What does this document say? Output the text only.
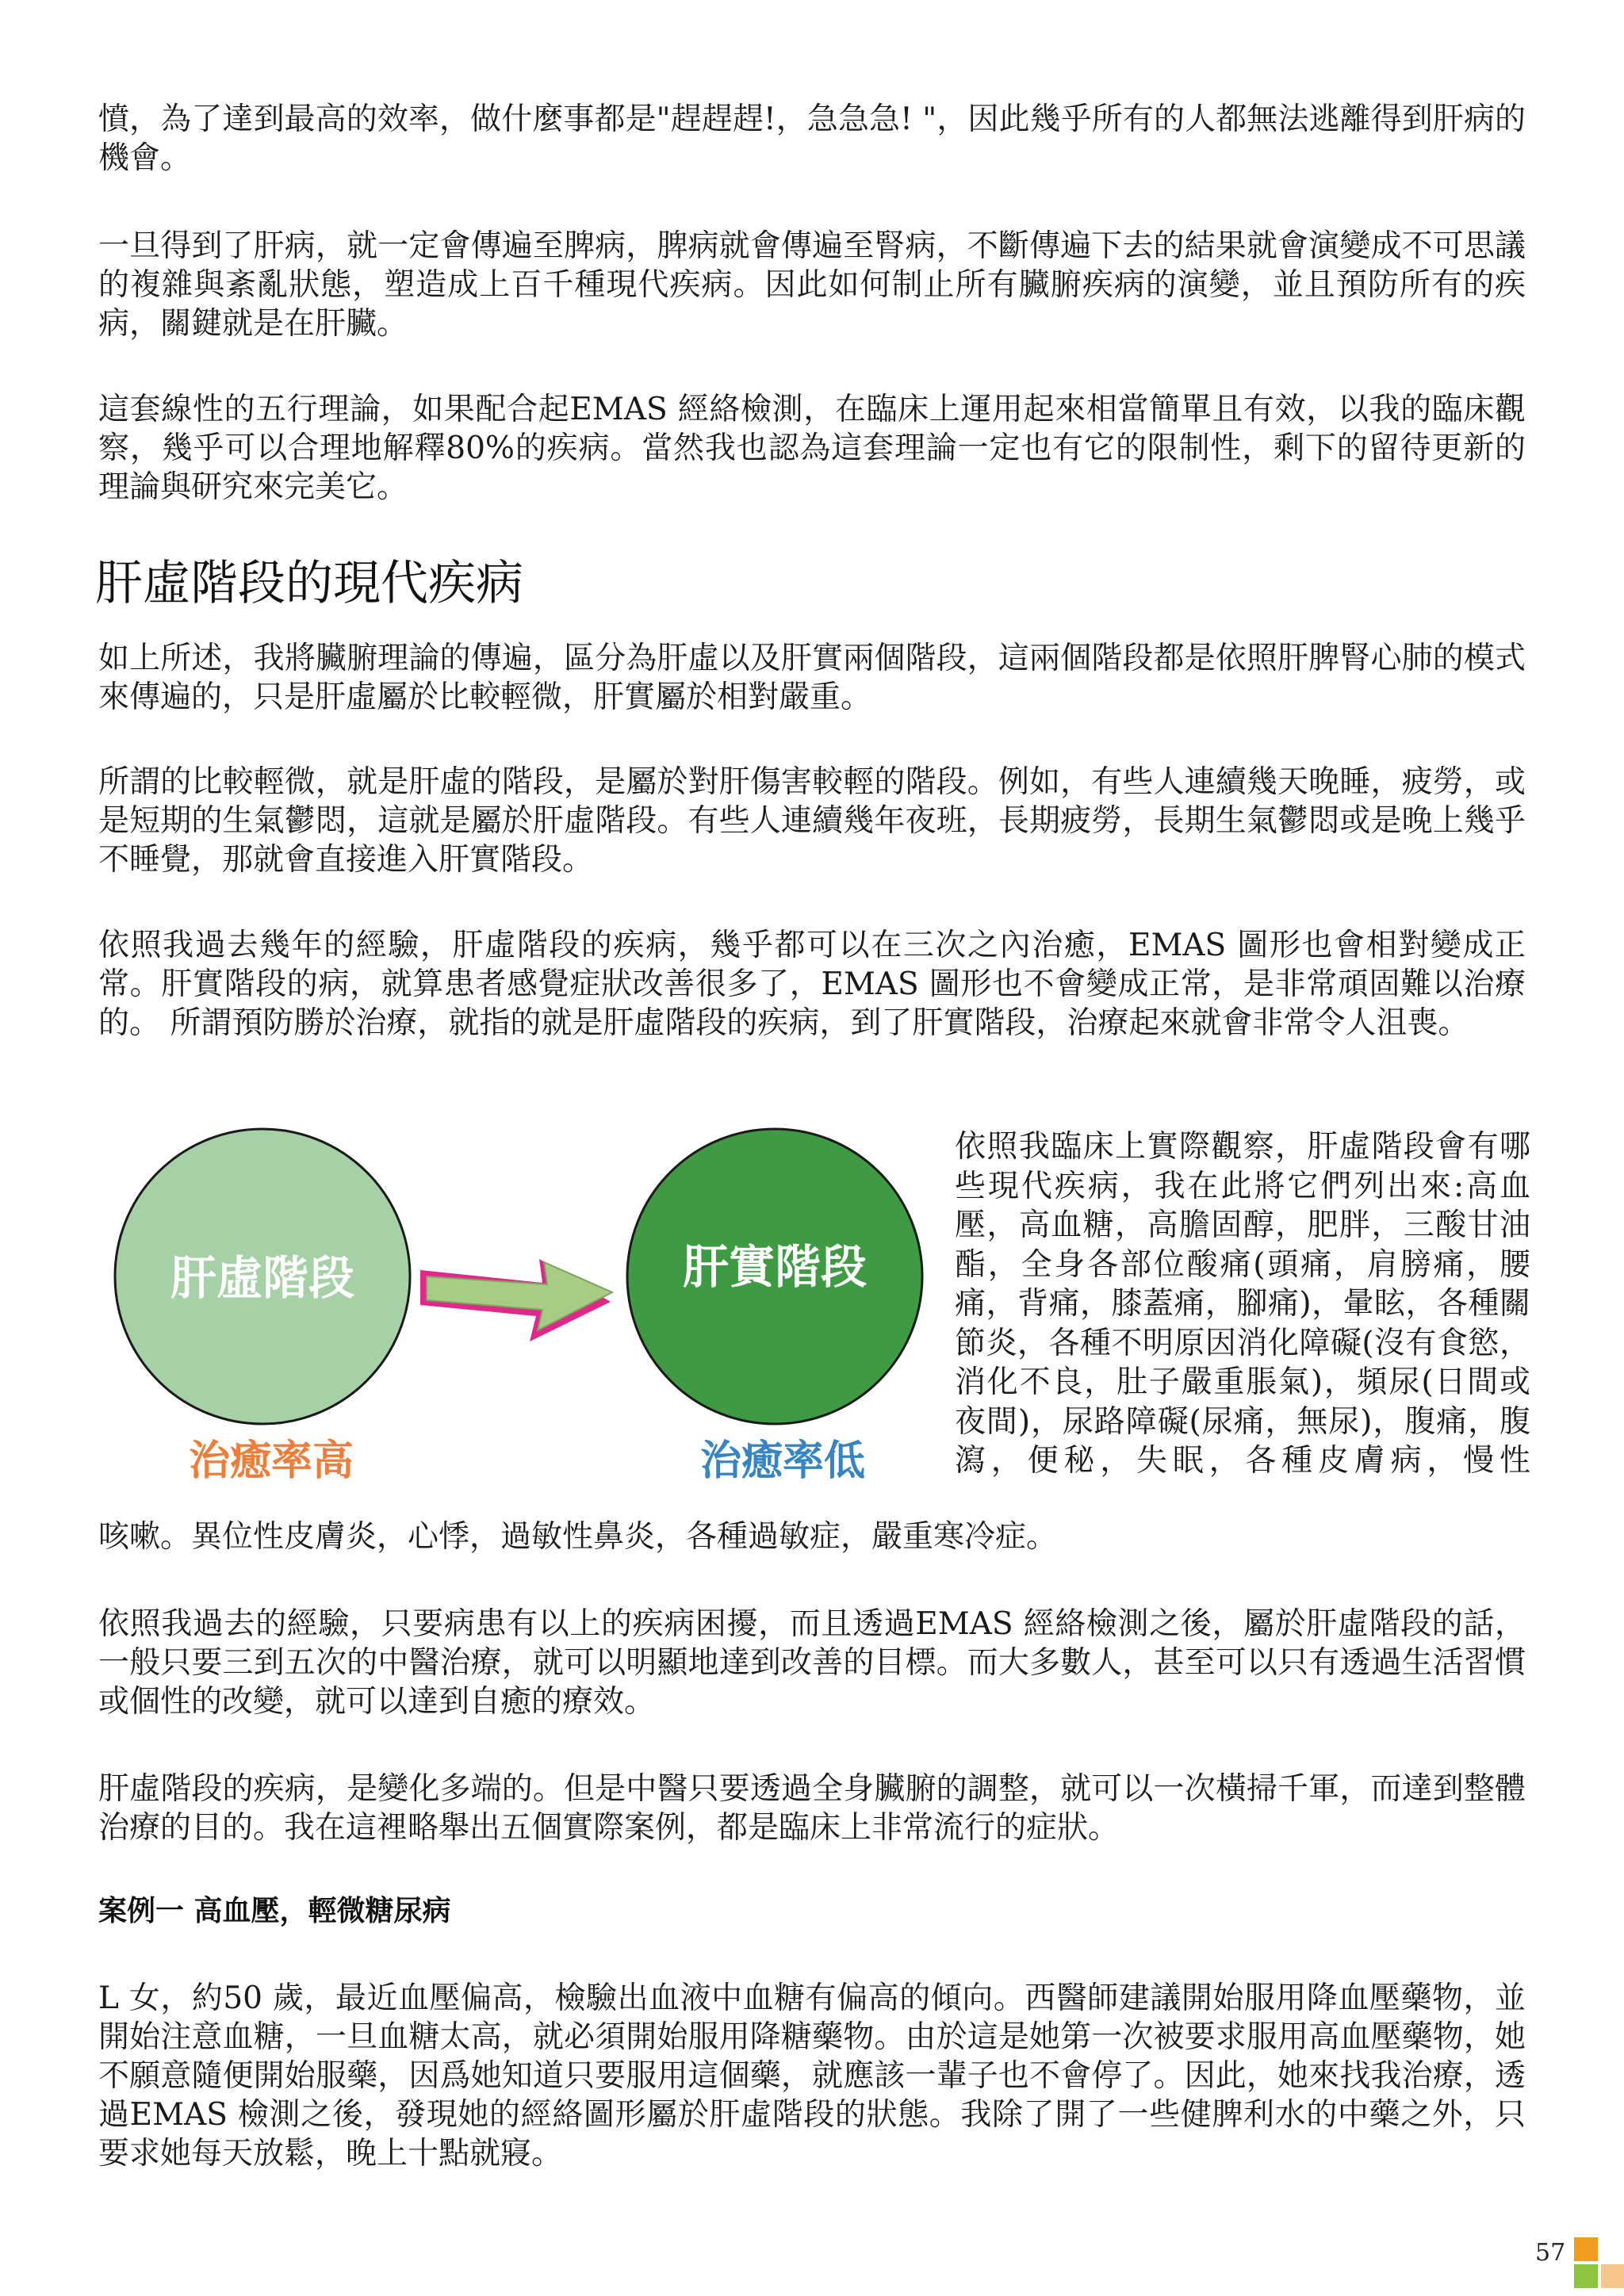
憤，為了達到最高的效率，做什麼事都是"趕趕趕!，急急急! "，因此幾乎所有的人都無法逃離得到肝病的機會。

一旦得到了肝病，就一定會傳遍至脾病，脾病就會傳遍至腎病，不斷傳遍下去的結果就會演變成不可思議的複雜與紊亂狀態，塑造成上百千種現代疾病。因此如何制止所有臟腑疾病的演變，並且預防所有的疾病，關鍵就是在肝臟。

這套線性的五行理論，如果配合起EMAS 經絡檢測，在臨床上運用起來相當簡單且有效，以我的臨床觀察，幾乎可以合理地解釋80%的疾病。當然我也認為這套理論一定也有它的限制性，剩下的留待更新的理論與研究來完美它。

肝虛階段的現代疾病

如上所述，我將臟腑理論的傳遍，區分為肝虛以及肝實兩個階段，這兩個階段都是依照肝脾腎心肺的模式來傳遍的，只是肝虛屬於比較輕微，肝實屬於相對嚴重。

所謂的比較輕微，就是肝虛的階段，是屬於對肝傷害較輕的階段。例如，有些人連續幾天晚睡，疲勞，或是短期的生氣鬱悶，這就是屬於肝虛階段。有些人連續幾年夜班，長期疲勞，長期生氣鬱悶或是晚上幾乎不睡覺，那就會直接進入肝實階段。

依照我過去幾年的經驗，肝虛階段的疾病，幾乎都可以在三次之內治癒，EMAS 圖形也會相對變成正常。肝實階段的病，就算患者感覺症狀改善很多了，EMAS 圖形也不會變成正常，是非常頑固難以治療的。 所謂預防勝於治療，就指的就是肝虛階段的疾病，到了肝實階段，治療起來就會非常令人沮喪。

肝虛階段	肝實階段
治癒率高	治癒率低

依照我臨床上實際觀察，肝虛階段會有哪些現代疾病，我在此將它們列出來:高血壓，高血糖，高膽固醇，肥胖，三酸甘油酯，全身各部位酸痛(頭痛，肩膀痛，腰痛，背痛，膝蓋痛，腳痛)，暈眩，各種關節炎，各種不明原因消化障礙(沒有食慾，消化不良，肚子嚴重脹氣)，頻尿(日間或夜間)，尿路障礙(尿痛，無尿)，腹痛，腹瀉，便秘，失眠，各種皮膚病，慢性

咳嗽。異位性皮膚炎，心悸，過敏性鼻炎，各種過敏症，嚴重寒冷症。

依照我過去的經驗，只要病患有以上的疾病困擾，而且透過EMAS 經絡檢測之後，屬於肝虛階段的話，一般只要三到五次的中醫治療，就可以明顯地達到改善的目標。而大多數人，甚至可以只有透過生活習慣或個性的改變，就可以達到自癒的療效。

肝虛階段的疾病，是變化多端的。但是中醫只要透過全身臟腑的調整，就可以一次橫掃千軍，而達到整體治療的目的。我在這裡略舉出五個實際案例，都是臨床上非常流行的症狀。

案例一 高血壓，輕微糖尿病

L 女，約50 歲，最近血壓偏高，檢驗出血液中血糖有偏高的傾向。西醫師建議開始服用降血壓藥物，並開始注意血糖，一旦血糖太高，就必須開始服用降糖藥物。由於這是她第一次被要求服用高血壓藥物，她不願意隨便開始服藥，因爲她知道只要服用這個藥，就應該一輩子也不會停了。因此，她來找我治療，透過EMAS 檢測之後，發現她的經絡圖形屬於肝虛階段的狀態。我除了開了一些健脾利水的中藥之外，只要求她每天放鬆，晚上十點就寢。

57
